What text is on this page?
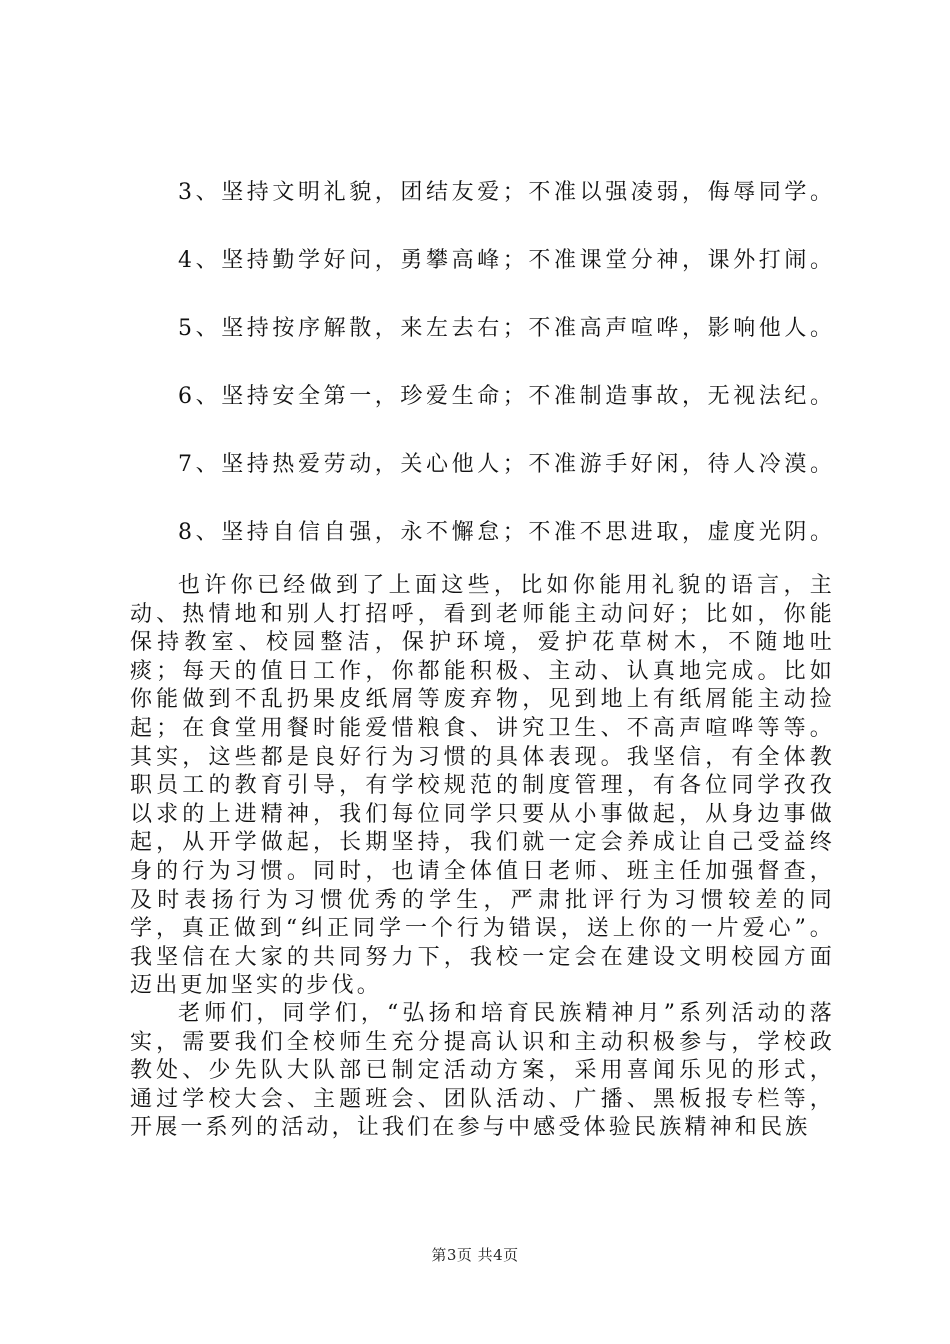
3、坚持文明礼貌，团结友爱；不准以强凌弱，侮辱同学。
4、坚持勤学好问，勇攀高峰；不准课堂分神，课外打闹。
5、坚持按序解散，来左去右；不准高声喧哗，影响他人。
6、坚持安全第一，珍爱生命；不准制造事故，无视法纪。
7、坚持热爱劳动，关心他人；不准游手好闲，待人冷漠。
8、坚持自信自强，永不懈怠；不准不思进取，虚度光阴。

也许你已经做到了上面这些，比如你能用礼貌的语言，主动、热情地和别人打招呼，看到老师能主动问好；比如，你能保持教室、校园整洁，保护环境，爱护花草树木，不随地吐痰；每天的值日工作，你都能积极、主动、认真地完成。比如你能做到不乱扔果皮纸屑等废弃物，见到地上有纸屑能主动捡起；在食堂用餐时能爱惜粮食、讲究卫生、不高声喧哗等等。其实，这些都是良好行为习惯的具体表现。我坚信，有全体教职员工的教育引导，有学校规范的制度管理，有各位同学孜孜以求的上进精神，我们每位同学只要从小事做起，从身边事做起，从开学做起，长期坚持，我们就一定会养成让自己受益终身的行为习惯。同时，也请全体值日老师、班主任加强督查，及时表扬行为习惯优秀的学生，严肃批评行为习惯较差的同学，真正做到“纠正同学一个行为错误，送上你的一片爱心”。我坚信在大家的共同努力下，我校一定会在建设文明校园方面迈出更加坚实的步伐。

老师们，同学们，“弘扬和培育民族精神月”系列活动的落实，需要我们全校师生充分提高认识和主动积极参与，学校政教处、少先队大队部已制定活动方案，采用喜闻乐见的形式，通过学校大会、主题班会、团队活动、广播、黑板报专栏等，开展一系列的活动，让我们在参与中感受体验民族精神和民族

第3页 共4页
